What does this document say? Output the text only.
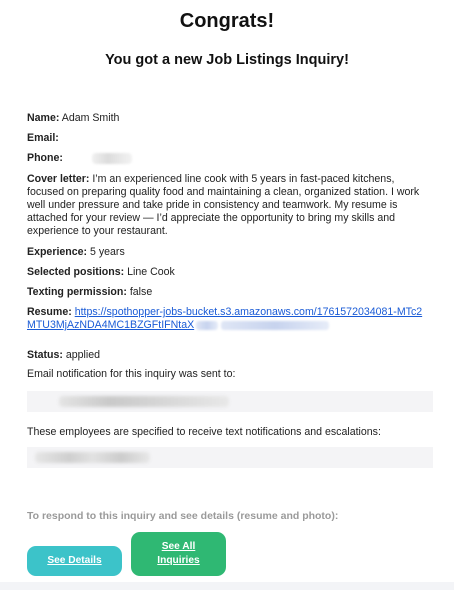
Congrats!
You got a new Job Listings Inquiry!
Name: Adam Smith
Email:
Phone:
Cover letter: I’m an experienced line cook with 5 years in fast-paced kitchens, focused on preparing quality food and maintaining a clean, organized station. I work well under pressure and take pride in consistency and teamwork. My resume is attached for your review — I’d appreciate the opportunity to bring my skills and experience to your restaurant.
Experience: 5 years
Selected positions: Line Cook
Texting permission: false
Resume: https://spothopper-jobs-bucket.s3.amazonaws.com/1761572034081-MTc2MTU3MjAzNDA4MC1BZGFtIFNtaX
Status: applied
Email notification for this inquiry was sent to:
These employees are specified to receive text notifications and escalations:
To respond to this inquiry and see details (resume and photo):
See Details
See All Inquiries
